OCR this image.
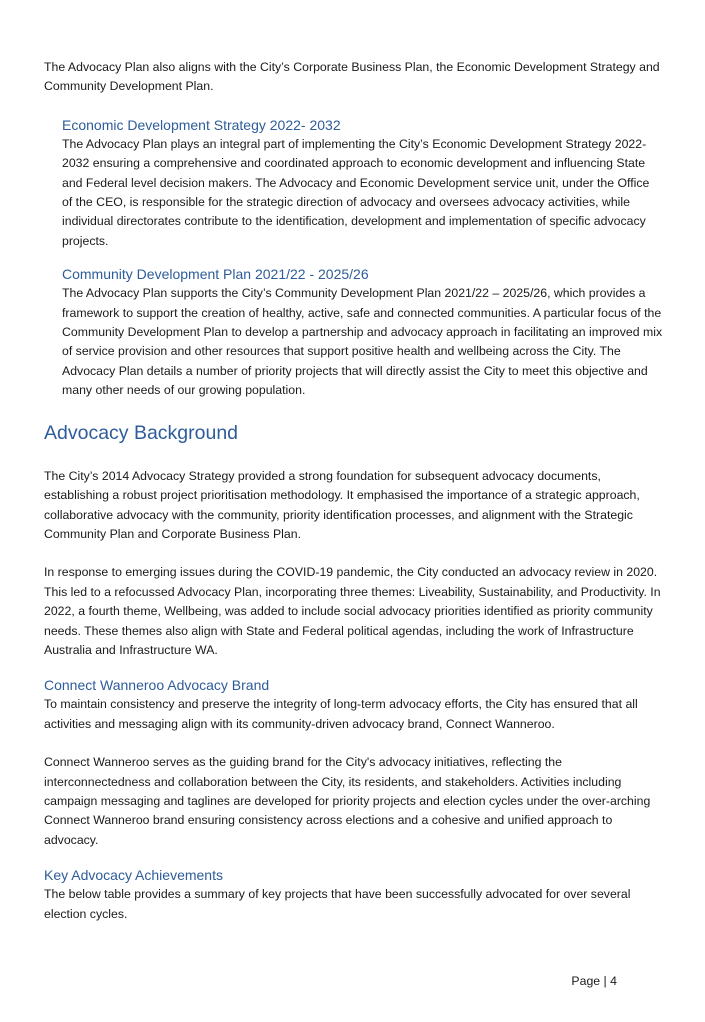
The Advocacy Plan also aligns with the City’s Corporate Business Plan, the Economic Development Strategy and Community Development Plan.

Economic Development Strategy 2022- 2032

The Advocacy Plan plays an integral part of implementing the City’s Economic Development Strategy 2022-2032 ensuring a comprehensive and coordinated approach to economic development and influencing State and Federal level decision makers. The Advocacy and Economic Development service unit, under the Office of the CEO, is responsible for the strategic direction of advocacy and oversees advocacy activities, while individual directorates contribute to the identification, development and implementation of specific advocacy projects.

Community Development Plan 2021/22 - 2025/26

The Advocacy Plan supports the City’s Community Development Plan 2021/22 – 2025/26, which provides a framework to support the creation of healthy, active, safe and connected communities. A particular focus of the Community Development Plan to develop a partnership and advocacy approach in facilitating an improved mix of service provision and other resources that support positive health and wellbeing across the City. The Advocacy Plan details a number of priority projects that will directly assist the City to meet this objective and many other needs of our growing population.

Advocacy Background

The City’s 2014 Advocacy Strategy provided a strong foundation for subsequent advocacy documents, establishing a robust project prioritisation methodology. It emphasised the importance of a strategic approach, collaborative advocacy with the community, priority identification processes, and alignment with the Strategic Community Plan and Corporate Business Plan.

In response to emerging issues during the COVID-19 pandemic, the City conducted an advocacy review in 2020. This led to a refocussed Advocacy Plan, incorporating three themes: Liveability, Sustainability, and Productivity. In 2022, a fourth theme, Wellbeing, was added to include social advocacy priorities identified as priority community needs. These themes also align with State and Federal political agendas, including the work of Infrastructure Australia and Infrastructure WA.

Connect Wanneroo Advocacy Brand

To maintain consistency and preserve the integrity of long-term advocacy efforts, the City has ensured that all activities and messaging align with its community-driven advocacy brand, Connect Wanneroo.

Connect Wanneroo serves as the guiding brand for the City's advocacy initiatives, reflecting the interconnectedness and collaboration between the City, its residents, and stakeholders. Activities including campaign messaging and taglines are developed for priority projects and election cycles under the over-arching Connect Wanneroo brand ensuring consistency across elections and a cohesive and unified approach to advocacy.

Key Advocacy Achievements

The below table provides a summary of key projects that have been successfully advocated for over several election cycles.

Page | 4
